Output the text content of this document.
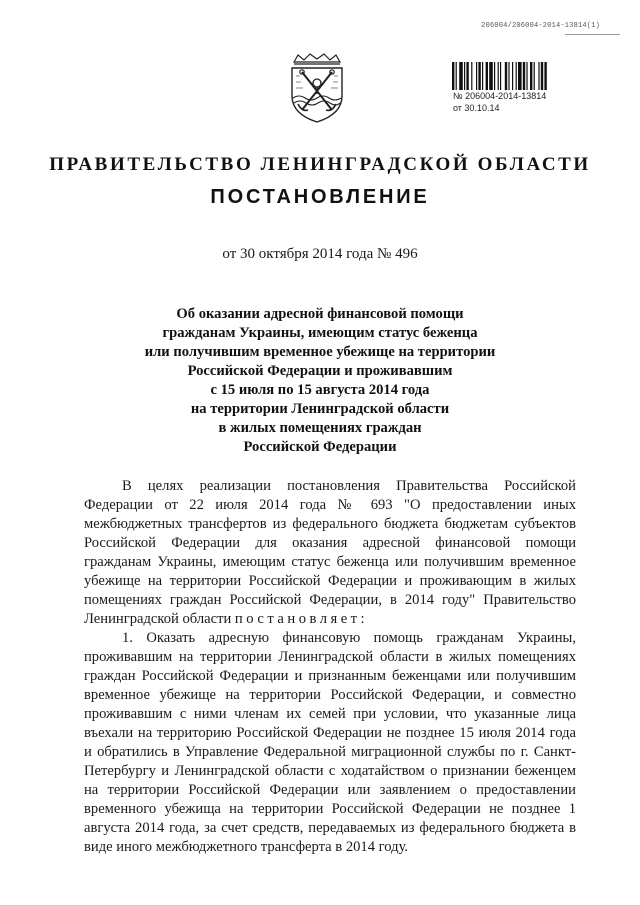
206004/206004-2014-13814(1)
№ 206004-2014-13814
от 30.10.14
ПРАВИТЕЛЬСТВО ЛЕНИНГРАДСКОЙ ОБЛАСТИ
ПОСТАНОВЛЕНИЕ
от 30 октября 2014 года № 496
Об оказании адресной финансовой помощи
гражданам Украины, имеющим статус беженца
или получившим временное убежище на территории
Российской Федерации и проживавшим
с 15 июля по 15 августа 2014 года
на территории Ленинградской области
в жилых помещениях граждан
Российской Федерации

В целях реализации постановления Правительства Российской Федерации от 22 июля 2014 года № 693 "О предоставлении иных межбюджетных трансфертов из федерального бюджета бюджетам субъектов Российской Федерации для оказания адресной финансовой помощи гражданам Украины, имеющим статус беженца или получившим временное убежище на территории Российской Федерации и проживающим в жилых помещениях граждан Российской Федерации, в 2014 году" Правительство Ленинградской области постановляет:

1. Оказать адресную финансовую помощь гражданам Украины, проживавшим на территории Ленинградской области в жилых помещениях граждан Российской Федерации и признанным беженцами или получившим временное убежище на территории Российской Федерации, и совместно проживавшим с ними членам их семей при условии, что указанные лица въехали на территорию Российской Федерации не позднее 15 июля 2014 года и обратились в Управление Федеральной миграционной службы по г. Санкт-Петербургу и Ленинградской области с ходатайством о признании беженцем на территории Российской Федерации или заявлением о предоставлении временного убежища на территории Российской Федерации не позднее 1 августа 2014 года, за счет средств, передаваемых из федерального бюджета в виде иного межбюджетного трансферта в 2014 году.
